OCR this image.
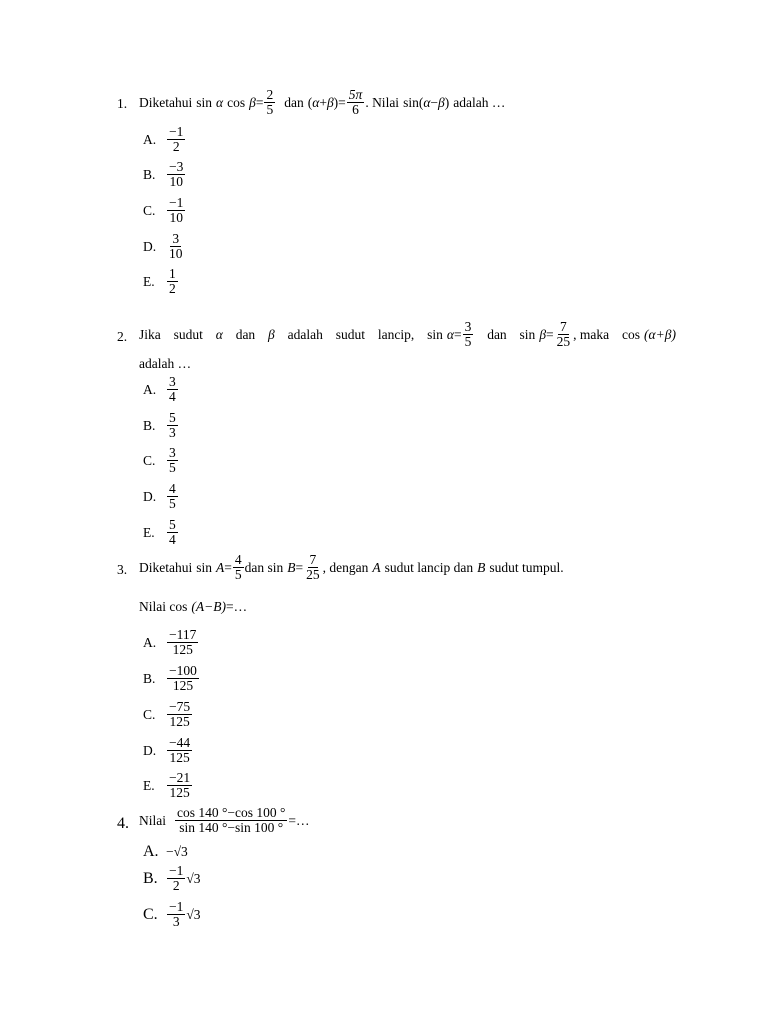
1. Diketahui sin α $\cos \beta = \frac{2}{5}$ dan ( α + β ) = $\frac{5\pi}{6}$ . Nilai sin ( α − β ) adalah …
A. $\frac{-1}{2}$
B. $\frac{-3}{10}$
C. $\frac{-1}{10}$
D. $\frac{3}{10}$
E. $\frac{1}{2}$
2. Jika sudut α dan β adalah sudut lancip, $\sin \alpha = \frac{3}{5}$ dan $\sin \beta = \frac{7}{25}$ , maka cos (α+β)
adalah …
A. $\frac{3}{4}$
B. $\frac{5}{3}$
C. $\frac{3}{5}$
D. $\frac{4}{5}$
E. $\frac{5}{4}$
3. Diketahui $\sin A = \frac{4}{5}$ dan $\sin B = \frac{7}{25}$ , dengan A sudut lancip dan B sudut tumpul.
Nilai cos (A−B) =…
A. $\frac{-117}{125}$
B. $\frac{-100}{125}$
C. $\frac{-75}{125}$
D. $\frac{-44}{125}$
E. $\frac{-21}{125}$
4. Nilai $\frac{\cos 140 ^\circ-\cos 100 ^\circ}{\sin 140 ^\circ-\sin 100 ^\circ}$ =…
A. −√3
B. $\frac{-1}{2} √3$
C. $\frac{-1}{3} √3$
